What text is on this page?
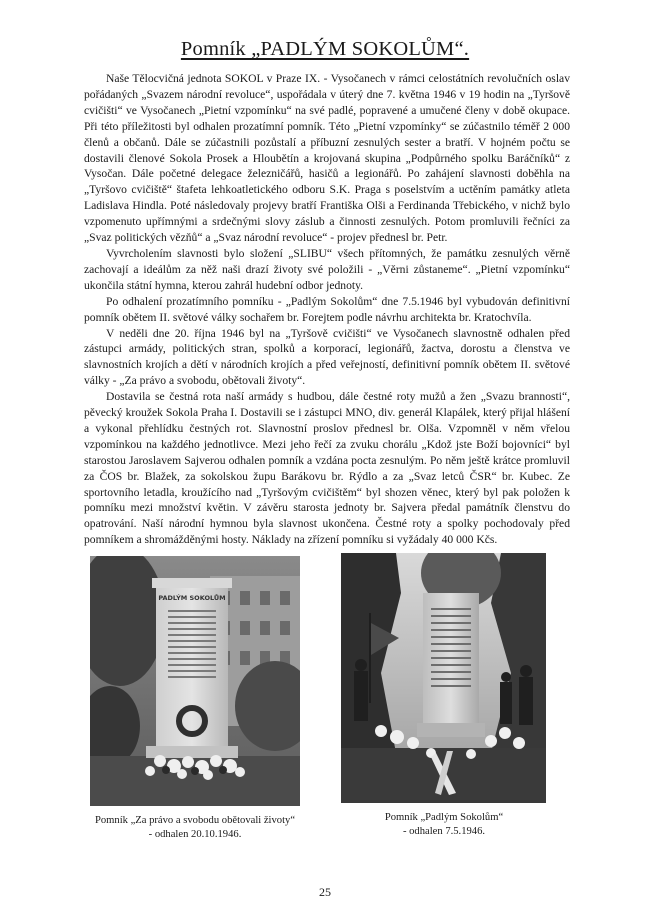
Pomník „PADLÝM SOKOLŮM“.

Naše Tělocvičná jednota SOKOL v Praze IX. - Vysočanech v rámci celostátních revolučních oslav pořádaných „Svazem národní revoluce“, uspořádala v úterý dne 7. května 1946 v 19 hodin na „Tyršově cvičišti“ ve Vysočanech „Pietní vzpomínku“ na své padlé, popravené a umučené členy v době okupace. Při této příležitosti byl odhalen prozatímní pomník. Této „Pietní vzpomínky“ se zúčastnilo téměř 2 000 členů a občanů. Dále se zúčastnili pozůstalí a příbuzní zesnulých sester a bratří. V hojném počtu se dostavili členové Sokola Prosek a Hloubětín a krojovaná skupina „Podpůrného spolku Baráčníků“ z Vysočan. Dále početné delegace železničářů, hasičů a legionářů. Po zahájení slavnosti doběhla na „Tyršovo cvičiště“ štafeta lehkoatletického odboru S.K. Praga s poselstvím a uctěním památky atleta Ladislava Hindla. Poté následovaly projevy bratří Františka Olši a Ferdinanda Třebického, v nichž bylo vzpomenuto upřímnými a srdečnými slovy záslub a činnosti zesnulých. Potom promluvili řečníci za „Svaz politických vězňů“ a „Svaz národní revoluce“ - projev přednesl br. Petr.

Vyvrcholením slavnosti bylo složení „SLIBU“ všech přítomných, že památku zesnulých věrně zachovají a ideálům za něž naši drazí životy své položili - „Věrni zůstaneme“. „Pietní vzpomínku“ ukončila státní hymna, kterou zahrál hudební odbor jednoty.

Po odhalení prozatímního pomníku - „Padlým Sokolům“ dne 7.5.1946 byl vybudován definitivní pomník obětem II. světové války sochařem br. Forejtem podle návrhu architekta br. Kratochvíla.

V neděli dne 20. října 1946 byl na „Tyršově cvičišti“ ve Vysočanech slavnostně odhalen před zástupci armády, politických stran, spolků a korporací, legionářů, žactva, dorostu a členstva ve slavnostních krojích a dětí v národních krojích a před veřejností, definitivní pomník obětem II. světové války - „Za právo a svobodu, obětovali životy“.

Dostavila se čestná rota naší armády s hudbou, dále čestné roty mužů a žen „Svazu brannosti“, pěvecký kroužek Sokola Praha I. Dostavili se i zástupci MNO, div. generál Klapálek, který přijal hlášení a vykonal přehlídku čestných rot. Slavnostní proslov přednesl br. Olša. Vzpomněl v něm vřelou vzpomínkou na každého jednotlivce. Mezi jeho řečí za zvuku chorálu „Kdož jste Boží bojovníci“ byl starostou Jaroslavem Sajverou odhalen pomník a vzdána pocta zesnulým. Po něm ještě krátce promluvil za ČOS br. Blažek, za sokolskou župu Barákovu br. Rýdlo a za „Svaz letců ČSR“ br. Kubec. Ze sportovního letadla, kroužícího nad „Tyršovým cvičištěm“ byl shozen věnec, který byl pak položen k pomníku mezi množství květin. V závěru starosta jednoty br. Sajvera předal památník členstvu do opatrování. Naší národní hymnou byla slavnost ukončena. Čestné roty a spolky pochodovaly před pomníkem a shromážděnými hosty. Náklady na zřízení pomníku si vyžádaly 40 000 Kčs.

PADLÝM SOKOLŮM
Pomník „Za právo a svobodu obětovali životy“
- odhalen 20.10.1946.
Pomník „Padlým Sokolům“
- odhalen 7.5.1946.
25
